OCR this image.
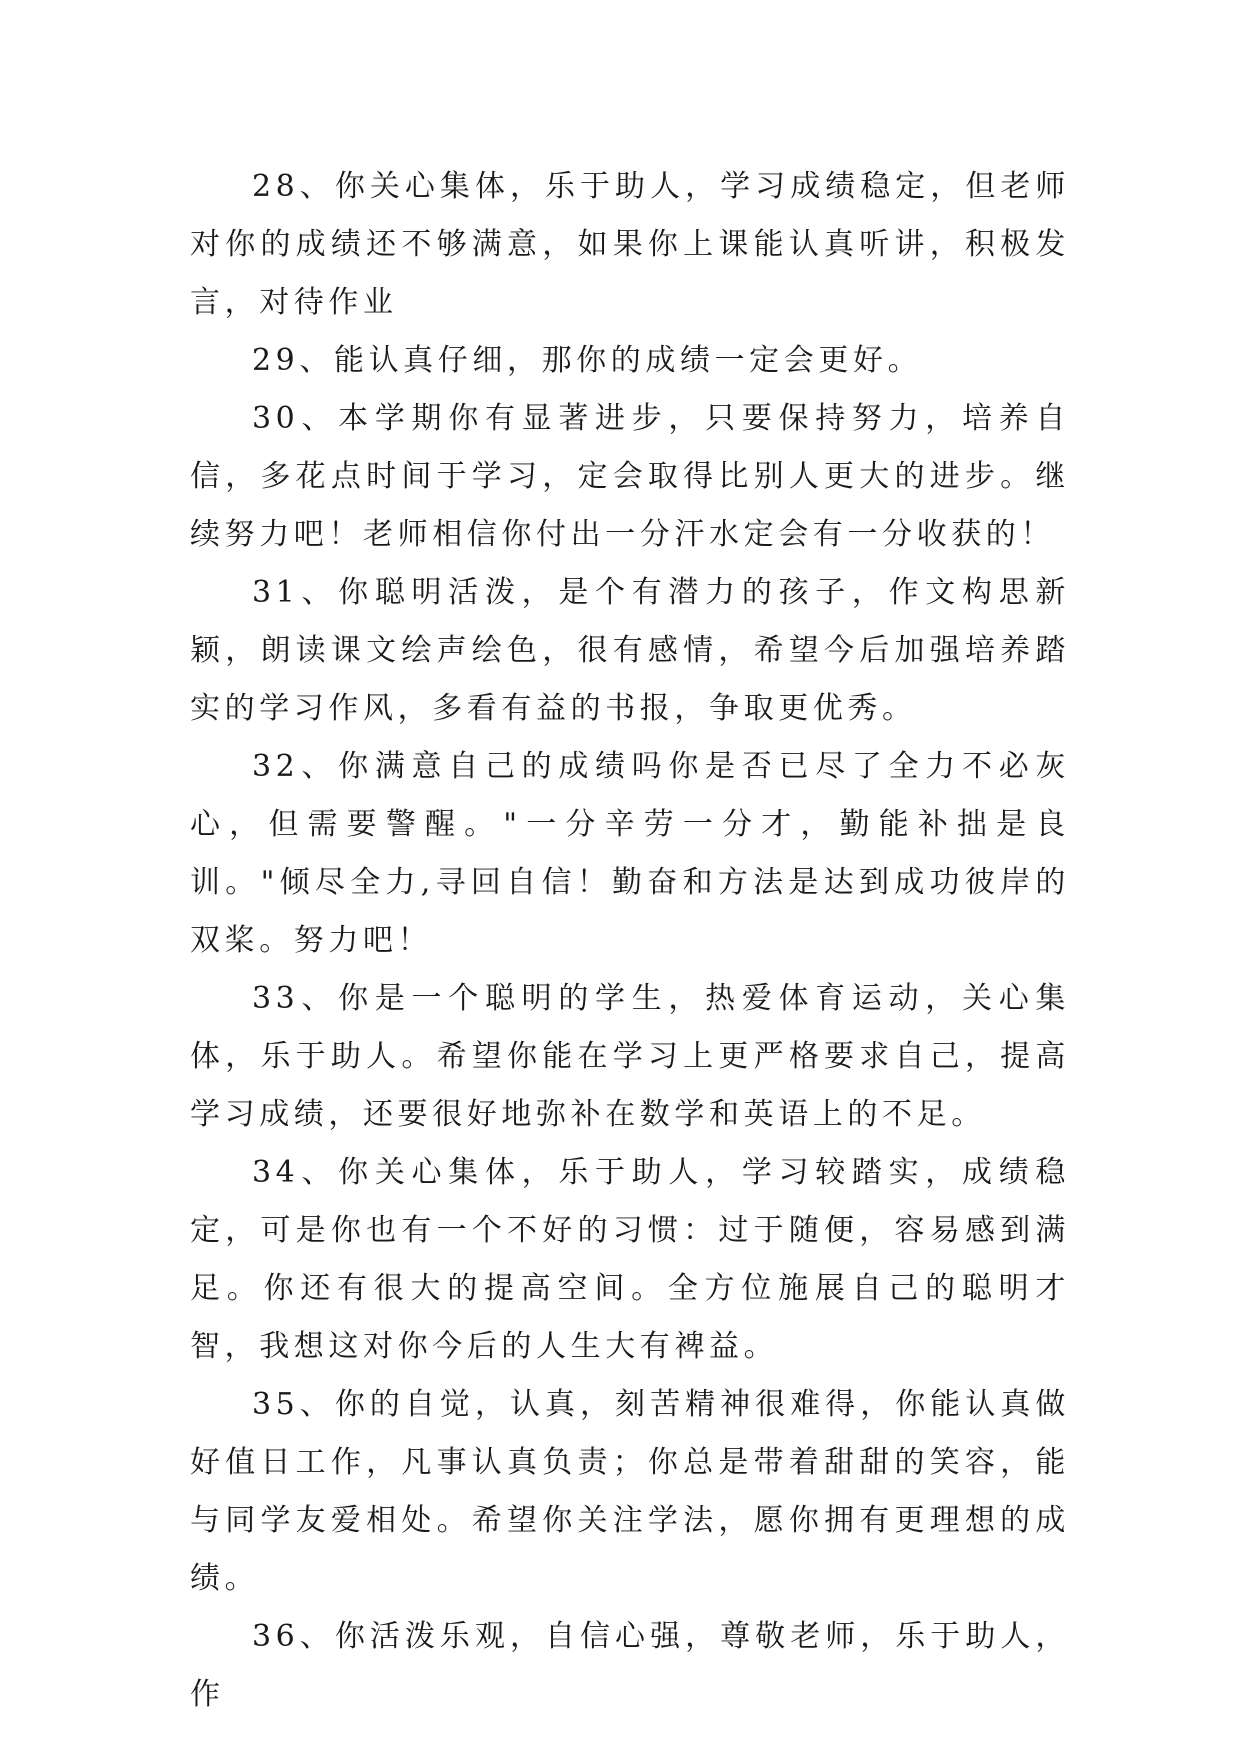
28、你关心集体，乐于助人，学习成绩稳定，但老师对你的成绩还不够满意，如果你上课能认真听讲，积极发言，对待作业

29、能认真仔细，那你的成绩一定会更好。

30、本学期你有显著进步，只要保持努力，培养自信，多花点时间于学习，定会取得比别人更大的进步。继续努力吧！老师相信你付出一分汗水定会有一分收获的！

31、你聪明活泼，是个有潜力的孩子，作文构思新颖，朗读课文绘声绘色，很有感情，希望今后加强培养踏实的学习作风，多看有益的书报，争取更优秀。

32、你满意自己的成绩吗你是否已尽了全力不必灰心，但需要警醒。"一分辛劳一分才，勤能补拙是良训。"倾尽全力,寻回自信！勤奋和方法是达到成功彼岸的双桨。努力吧！

33、你是一个聪明的学生，热爱体育运动，关心集体，乐于助人。希望你能在学习上更严格要求自己，提高学习成绩，还要很好地弥补在数学和英语上的不足。

34、你关心集体，乐于助人，学习较踏实，成绩稳定，可是你也有一个不好的习惯：过于随便，容易感到满足。你还有很大的提高空间。全方位施展自己的聪明才智，我想这对你今后的人生大有裨益。

35、你的自觉，认真，刻苦精神很难得，你能认真做好值日工作，凡事认真负责；你总是带着甜甜的笑容，能与同学友爱相处。希望你关注学法，愿你拥有更理想的成绩。

36、你活泼乐观，自信心强，尊敬老师，乐于助人，作
